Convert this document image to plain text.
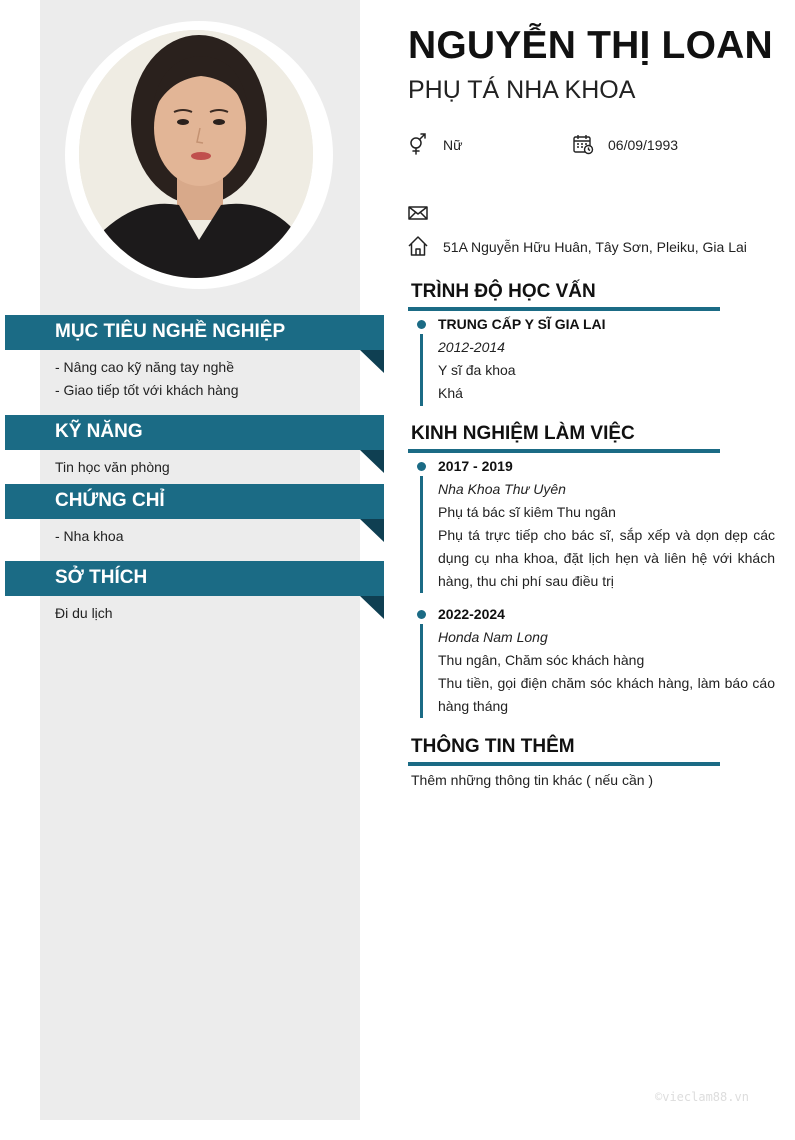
MỤC TIÊU NGHỀ NGHIỆP
- Nâng cao kỹ năng tay nghề
- Giao tiếp tốt với khách hàng
KỸ NĂNG
Tin học văn phòng
CHỨNG CHỈ
- Nha khoa
SỞ THÍCH
Đi du lịch
NGUYỄN THỊ LOAN
PHỤ TÁ NHA KHOA
Nữ	06/09/1993
51A Nguyễn Hữu Huân, Tây Sơn, Pleiku, Gia Lai
TRÌNH ĐỘ HỌC VẤN
TRUNG CẤP Y SĨ GIA LAI
2012-2014
Y sĩ đa khoa
Khá
KINH NGHIỆM LÀM VIỆC
2017 - 2019
Nha Khoa Thư Uyên
Phụ tá bác sĩ kiêm Thu ngân
Phụ tá trực tiếp cho bác sĩ, sắp xếp và dọn dẹp các dụng cụ nha khoa, đặt lịch hẹn và liên hệ với khách hàng, thu chi phí sau điều trị
2022-2024
Honda Nam Long
Thu ngân, Chăm sóc khách hàng
Thu tiền, gọi điện chăm sóc khách hàng, làm báo cáo hàng tháng
THÔNG TIN THÊM
Thêm những thông tin khác ( nếu cần )
©vieclam88.vn
